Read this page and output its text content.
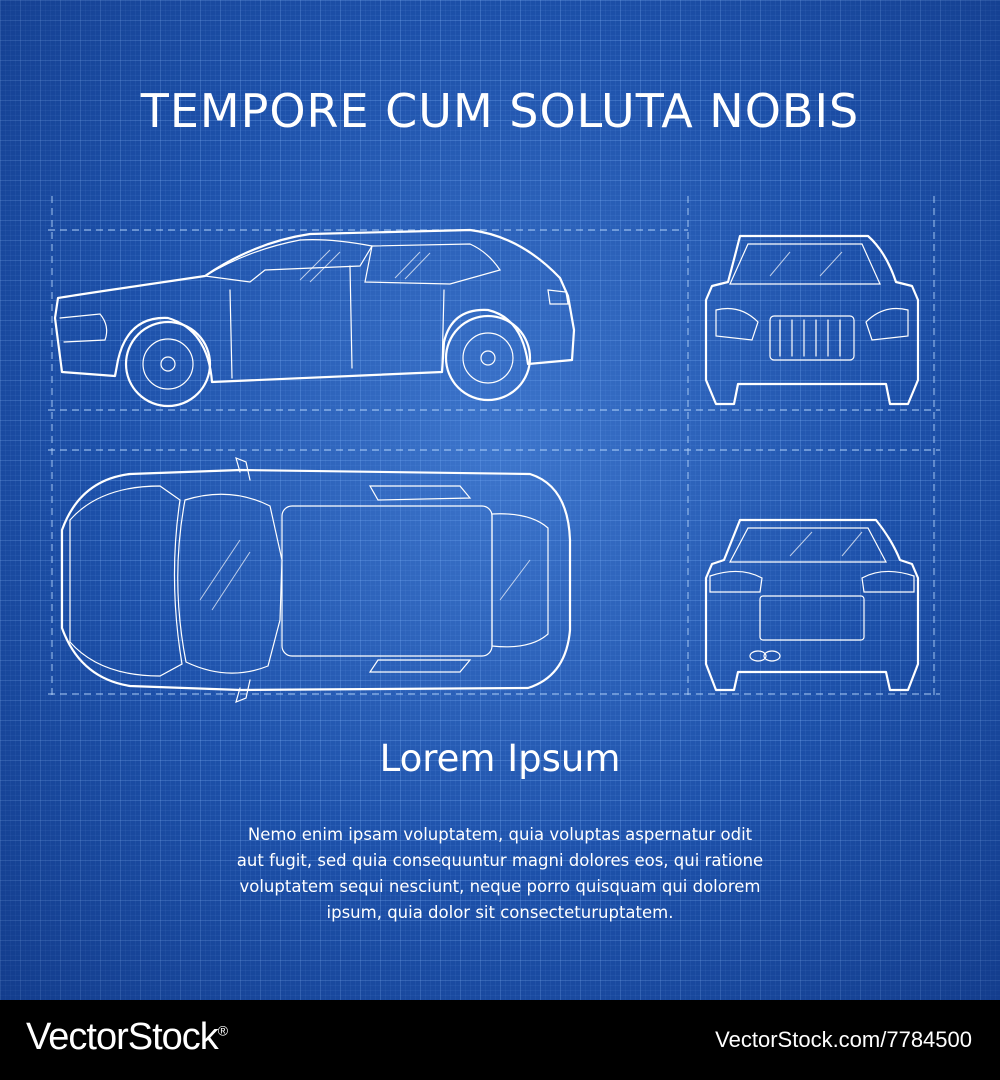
TEMPORE CUM SOLUTA NOBIS
Lorem Ipsum
Nemo enim ipsam voluptatem, quia voluptas aspernatur odit
aut fugit, sed quia consequuntur magni dolores eos, qui ratione
voluptatem sequi nesciunt, neque porro quisquam qui dolorem
ipsum, quia dolor sit consecteturuptatem.
VectorStock®	VectorStock.com/7784500
